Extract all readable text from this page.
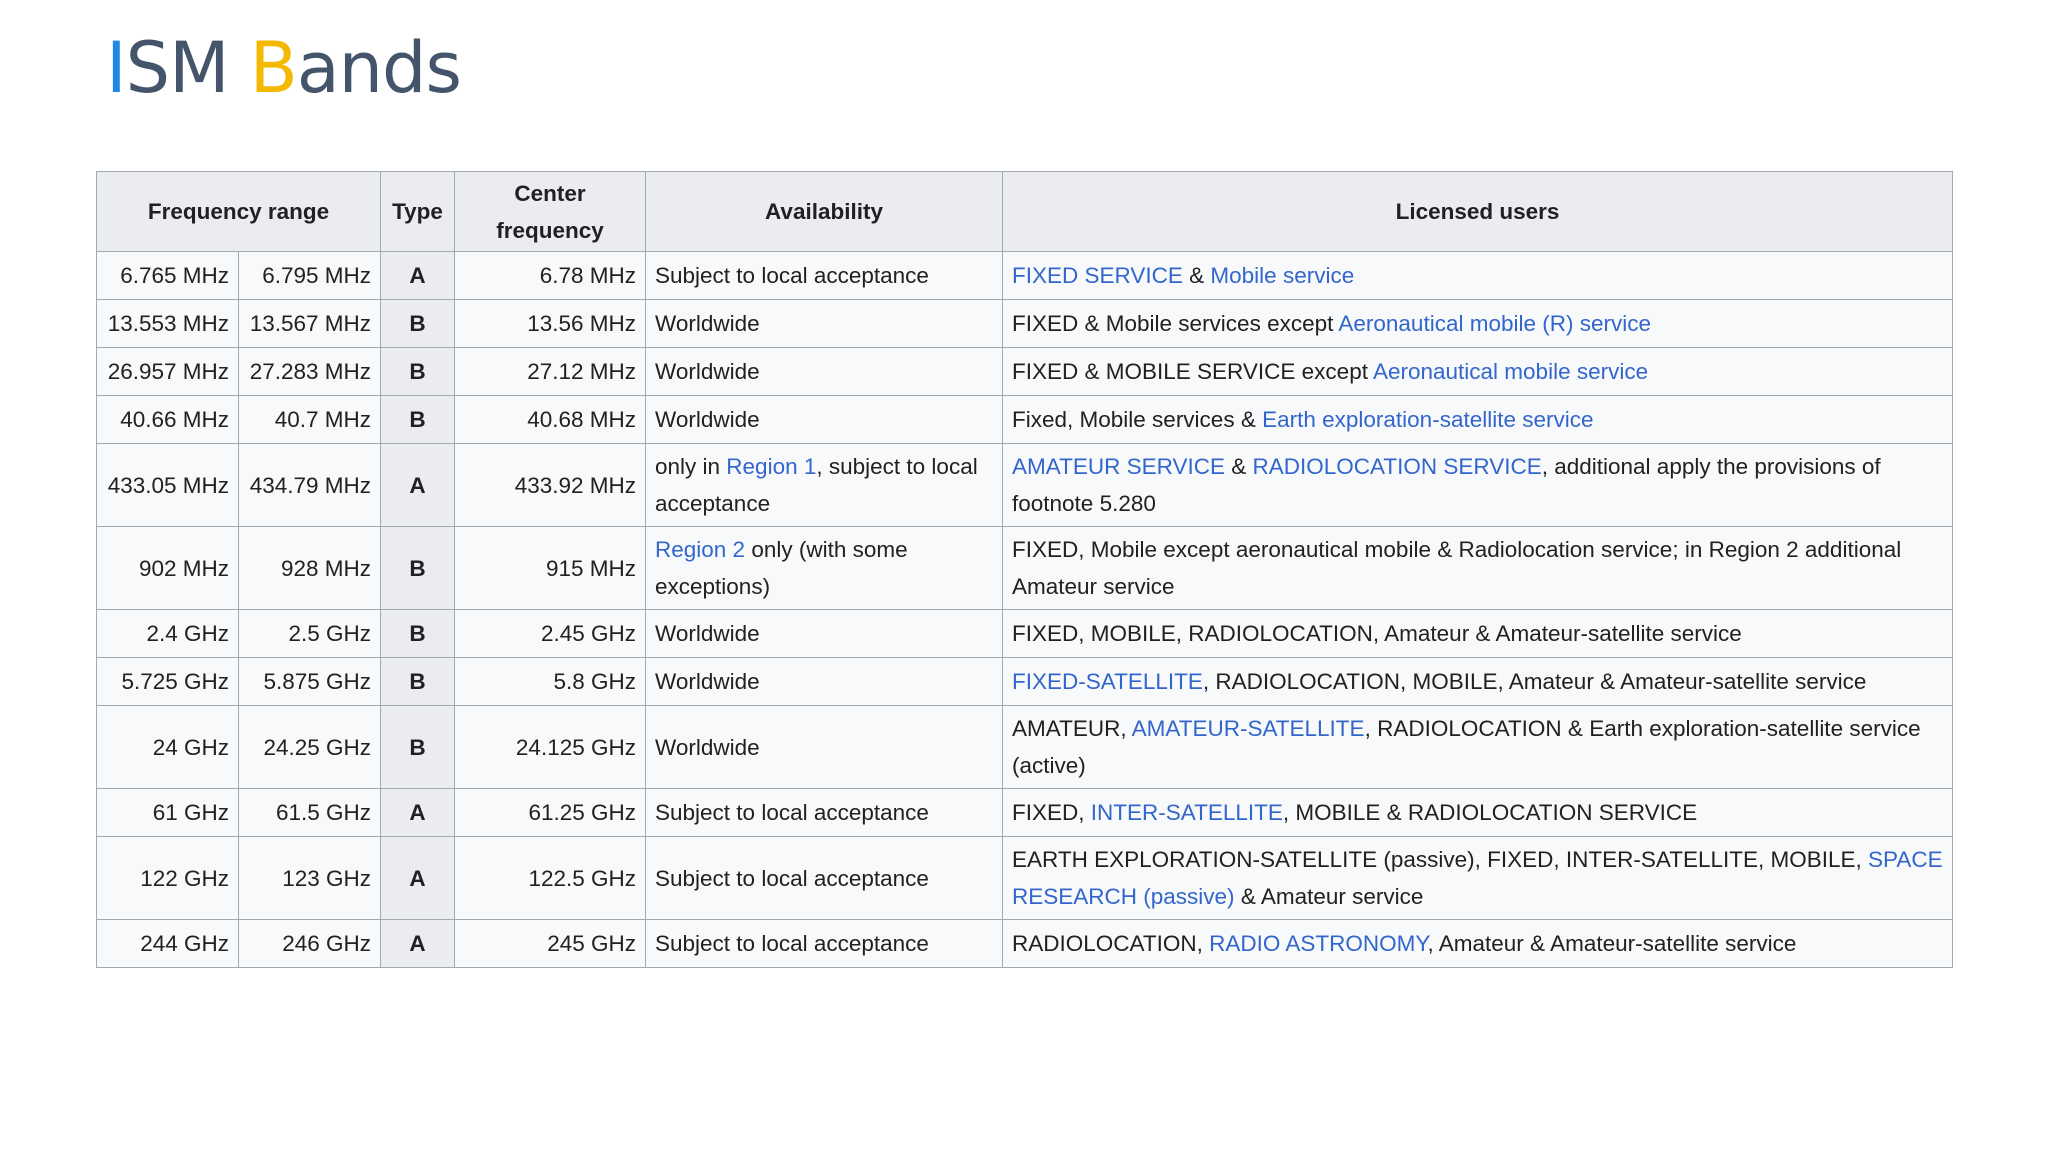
ISM Bands
Frequency range		Type	Center frequency	Availability	Licensed users
6.765 MHz	6.795 MHz	A	6.78 MHz	Subject to local acceptance	FIXED SERVICE & Mobile service
13.553 MHz	13.567 MHz	B	13.56 MHz	Worldwide	FIXED & Mobile services except Aeronautical mobile (R) service
26.957 MHz	27.283 MHz	B	27.12 MHz	Worldwide	FIXED & MOBILE SERVICE except Aeronautical mobile service
40.66 MHz	40.7 MHz	B	40.68 MHz	Worldwide	Fixed, Mobile services & Earth exploration-satellite service
433.05 MHz	434.79 MHz	A	433.92 MHz	only in Region 1, subject to local acceptance	AMATEUR SERVICE & RADIOLOCATION SERVICE, additional apply the provisions of footnote 5.280
902 MHz	928 MHz	B	915 MHz	Region 2 only (with some exceptions)	FIXED, Mobile except aeronautical mobile & Radiolocation service; in Region 2 additional Amateur service
2.4 GHz	2.5 GHz	B	2.45 GHz	Worldwide	FIXED, MOBILE, RADIOLOCATION, Amateur & Amateur-satellite service
5.725 GHz	5.875 GHz	B	5.8 GHz	Worldwide	FIXED-SATELLITE, RADIOLOCATION, MOBILE, Amateur & Amateur-satellite service
24 GHz	24.25 GHz	B	24.125 GHz	Worldwide	AMATEUR, AMATEUR-SATELLITE, RADIOLOCATION & Earth exploration-satellite service (active)
61 GHz	61.5 GHz	A	61.25 GHz	Subject to local acceptance	FIXED, INTER-SATELLITE, MOBILE & RADIOLOCATION SERVICE
122 GHz	123 GHz	A	122.5 GHz	Subject to local acceptance	EARTH EXPLORATION-SATELLITE (passive), FIXED, INTER-SATELLITE, MOBILE, SPACE RESEARCH (passive) & Amateur service
244 GHz	246 GHz	A	245 GHz	Subject to local acceptance	RADIOLOCATION, RADIO ASTRONOMY, Amateur & Amateur-satellite service
